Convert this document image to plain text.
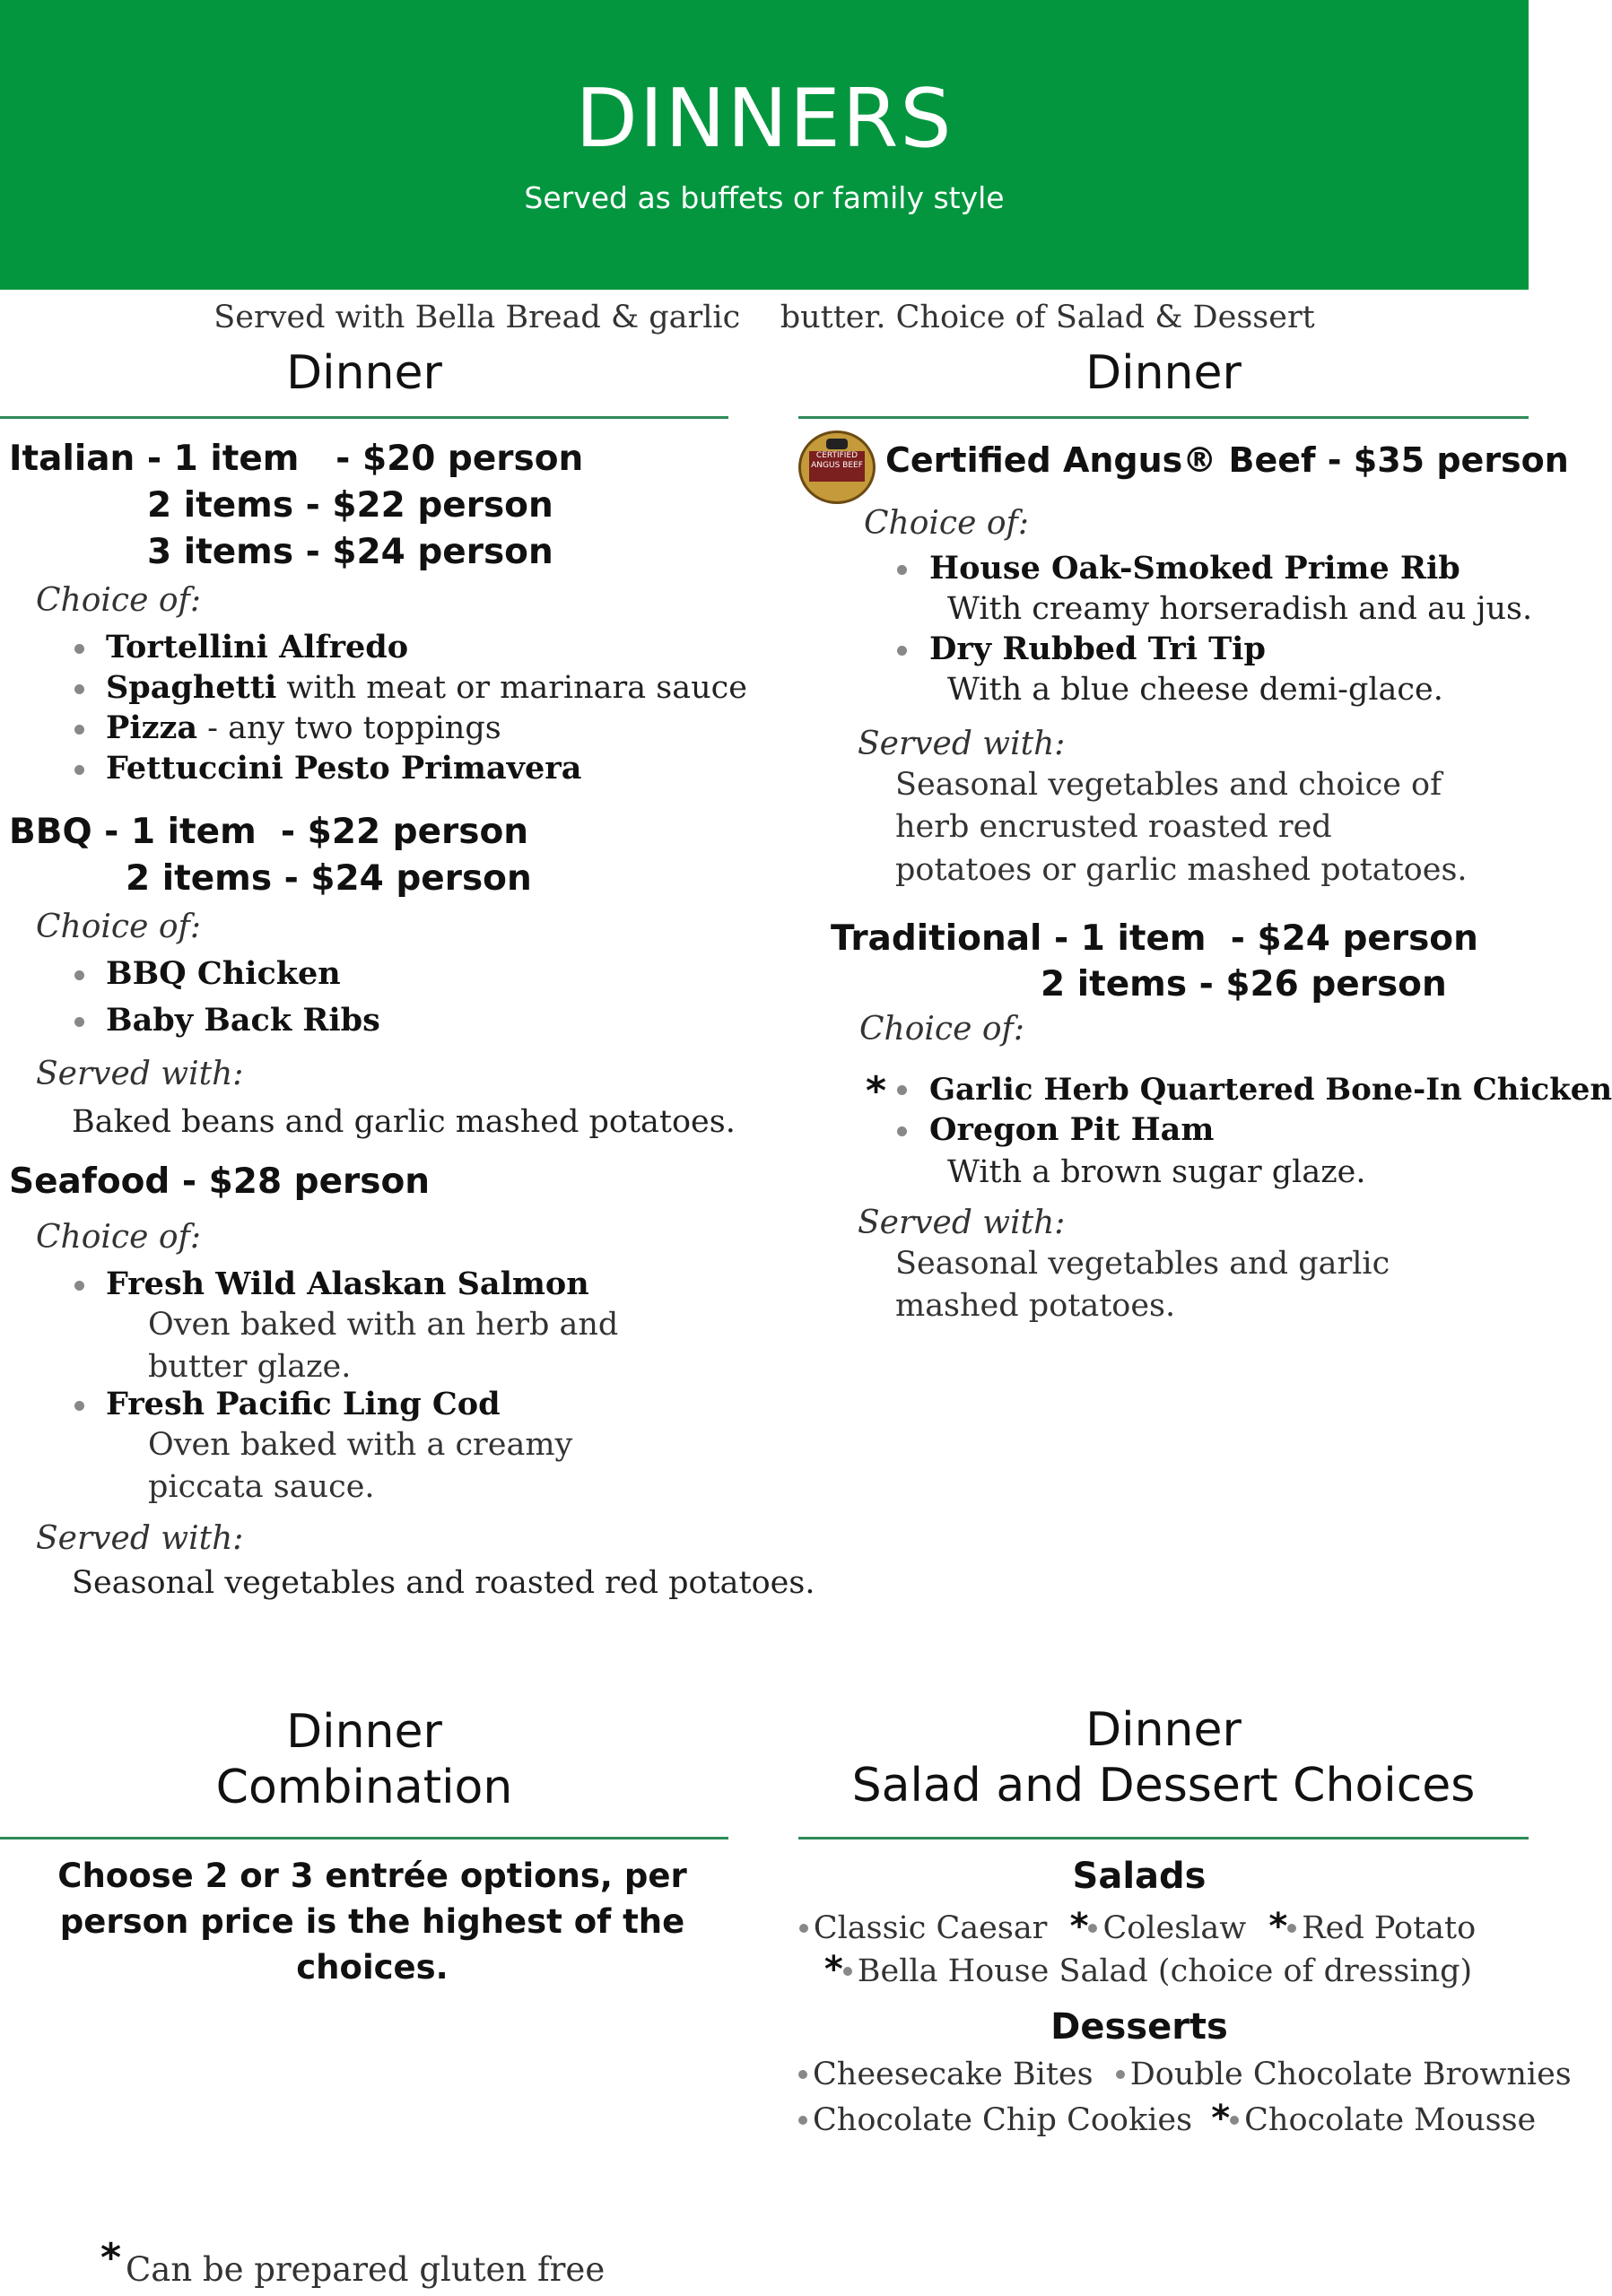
DINNERS
Served as buffets or family style
Served with Bella Bread & garlic    butter. Choice of Salad & Dessert
Dinner	Dinner
Italian - 1 item   - $20 person
2 items - $22 person
3 items - $24 person
Choice of:
Tortellini Alfredo
Spaghetti with meat or marinara sauce
Pizza - any two toppings
Fettuccini Pesto Primavera
BBQ - 1 item  - $22 person
2 items - $24 person
Choice of:
BBQ Chicken
Baby Back Ribs
Served with:
Baked beans and garlic mashed potatoes.
Seafood - $28 person
Choice of:
Fresh Wild Alaskan Salmon
Oven baked with an herb and butter glaze.
Fresh Pacific Ling Cod
Oven baked with a creamy piccata sauce.
Served with:
Seasonal vegetables and roasted red potatoes.
CERTIFIED ANGUS BEEF Certified Angus® Beef - $35 person
Choice of:
House Oak-Smoked Prime Rib
With creamy horseradish and au jus.
Dry Rubbed Tri Tip
With a blue cheese demi-glace.
Served with:
Seasonal vegetables and choice of herb encrusted roasted red potatoes or garlic mashed potatoes.
Traditional - 1 item  - $24 person
2 items - $26 person
Choice of:
* Garlic Herb Quartered Bone-In Chicken
Oregon Pit Ham
With a brown sugar glaze.
Served with:
Seasonal vegetables and garlic mashed potatoes.
Dinner
Combination
Choose 2 or 3 entrée options, per person price is the highest of the choices.
Dinner
Salad and Dessert Choices
Salads
Classic Caesar * Coleslaw * Red Potato
* Bella House Salad (choice of dressing)
Desserts
Cheesecake Bites Double Chocolate Brownies
Chocolate Chip Cookies * Chocolate Mousse
* Can be prepared gluten free
